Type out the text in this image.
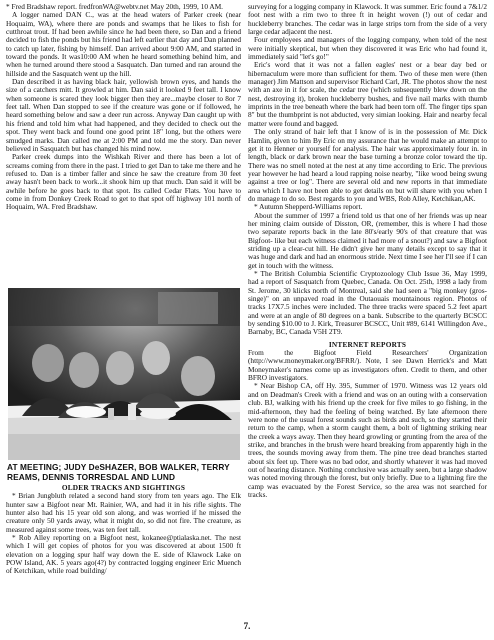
* Fred Bradshaw report. fredfronWA@webtv.net May 20th, 1999, 10 AM.

A logger named DAN C., was at the head waters of Parker creek (near Hoquaim, WA), where there are ponds and swamps that he likes to fish for cutthroat trout. If had been awhile since he had been there, so Dan and a friend decided to fish the ponds but his friend had left earlier that day and Dan planned to catch up later, fishing by himself. Dan arrived about 9:00 AM, and started in toward the ponds. It was10:00 AM when he heard something behind him, and when he turned around there stood a Sasquatch. Dan turned and ran around the hillside and the Sasquatch went up the hill.

Dan described it as having black hair, yellowish brown eyes, and hands the size of a catchers mitt. It growled at him. Dan said it looked 9 feet tall. I know when someone is scared they look bigger then they are...maybe closer to 8or 7 feet tall. When Dan stopped to see if the creature was gone or if followed, he heard something below and saw a deer run across. Anyway Dan caught up with his friend and told him what had happened, and they decided to check out the spot. They went back and found one good print 18" long, but the others were smudged marks. Dan called me at 2:00 PM and told me the story. Dan never believed in Sasquatch but has changed his mind now.

Parker creek dumps into the Wishkah River and there has been a lot of screams coming from there in the past. I tried to get Dan to take me there and he refused to. Dan is a timber faller and since he saw the creature from 30 feet away hasn't been back to work...it shook him up that much. Dan said it will be awhile before he goes back to that spot. Its called Cedar Flats. You have to come in from Donkey Creek Road to get to that spot off highway 101 north of Hoquaim, WA. Fred Bradshaw.

AT MEETING; JUDY DeSHAZER, BOB WALKER, TERRY REAMS, DENNIS TORRESDAL AND LUND

OLDER TRACKS AND SIGHTINGS

* Brian Jungbluth related a second hand story from ten years ago. The Elk hunter saw a Bigfoot near Mt. Rainier, WA, and had it in his rifle sights. The hunter also had his 15 year old son along, and was worried if he missed the creature only 50 yards away, what it might do, so did not fire. The creature, as measured against some trees, was ten feet tall.

* Rob Alley reporting on a Bigfoot nest, kokanee@ptialaska.net. The nest which I will get copies of photos for you was discovered at about 1500 ft elevation on a logging spur half way down the E. side of Klawock Lake on POW Island, AK. 5 years ago(4?) by contracted logging engineer Eric Muench of Ketchikan, while road building/

surveying for a logging company in Klawock. It was summer. Eric found a 7&1/2 foot nest with a rim two to three ft in height woven (!) out of cedar and huckleberry branches. The cedar was in large strips torn from the side of a very large cedar adjacent the nest.

Four employees and managers of the logging company, when told of the nest were initially skeptical, but when they discovered it was Eric who had found it, immediately said "let's go!"

Eric's word that it was not a fallen eagles' nest or a bear day bed or hibernaculum were more than sufficient for them. Two of these men were (then manager) Jim Mattson and supervisor Richard Carl, JR. The photos show the nest with an axe in it for scale, the cedar tree (which subsequently blew down on the nest, destroying it), broken huckleberry bushes, and five nail marks with thumb imprints in the tree beneath where the bark had been torn off. The finger tips span 8" but the thumbprint is not abducted, very simian looking. Hair and nearby fecal matter were found and bagged.

The only strand of hair left that I know of is in the possession of Mr. Dick Hamlin, given to him By Eric on my assurance that he would make an attempt to get it to Henner or yourself for analysis. The hair was approximately four in. in length, black or dark brown near the base turning a bronze color toward the tip. There was no smell noted at the nest at any time according to Eric. The previous year however he had heard a loud rapping noise nearby, "like wood being swung against a tree or log". There are several old and new reports in that immediate area which I have not been able to get details on but will share with you when I do manage to do so. Best regards to you and WBS, Rob Alley, Ketchikan,AK.

* Autumn Shepperd-Williams report.

About the summer of 1997 a friend told us that one of her friends was up near her mining claim outside of Disston, OR, (remember, this is where I had those two separate reports back in the late 80's/early 90's of that creature that was Bigfoot- like but each witness claimed it had more of a snout?) and saw a Bigfoot striding up a clear-cut hill. He didn't give her many details except to say that it was huge and dark and had an enormous stride. Next time I see her I'll see if I can get in touch with the witness.

* The British Columbia Scientific Cryptozoology Club Issue 36, May 1999, had a report of Sasquatch from Quebec, Canada. On Oct. 25th, 1998 a lady from St. Jerome, 30 klicks north of Montreal, said she had seen a "big monkey (gros-singe)" on an unpaved road in the Outaouais mountainous region. Photos of tracks 17X7.5 inches were included. The three tracks were spaced 5.2 feet apart and were at an angle of 80 degrees on a bank. Subscribe to the quarterly BCSCC by sending $10.00 to J. Kirk, Treasurer BCSCC, Unit #89, 6141 Willingdon Ave., Barnaby, BC, Canada V5H 2T9.

INTERNET REPORTS

From the Bigfoot Field Researchers' Organization (http://www.moneymaker.org/BFRR/). Note, I see Dawn Herrick's and Matt Moneymaker's names come up as investigators often. Credit to them, and other BFRO investigators.

* Near Bishop CA, off Hy. 395, Summer of 1970. Witness was 12 years old and on Deadman's Creek with a friend and was on an outing with a conservation club. BJ, walking with his friend up the creek for five miles to go fishing, in the mid-afternoon, they had the feeling of being watched. By late afternoon there were none of the usual forest sounds such as birds and such, so they started their return to the camp, when a storm caught them, a bolt of lightning striking near the creek a ways away. Then they heard growling or grunting from the area of the strike, and branches in the brush were heard breaking from apparently high in the trees, the sounds moving away from them. The pine tree dead branches started about six feet up. There was no bad odor, and shortly whatever it was had moved out of hearing distance. Nothing conclusive was actually seen, but a large shadow was noted moving through the forest, but only briefly. Due to a lightning fire the camp was evacuated by the Forest Service, so the area was not searched for tracks.

7.
